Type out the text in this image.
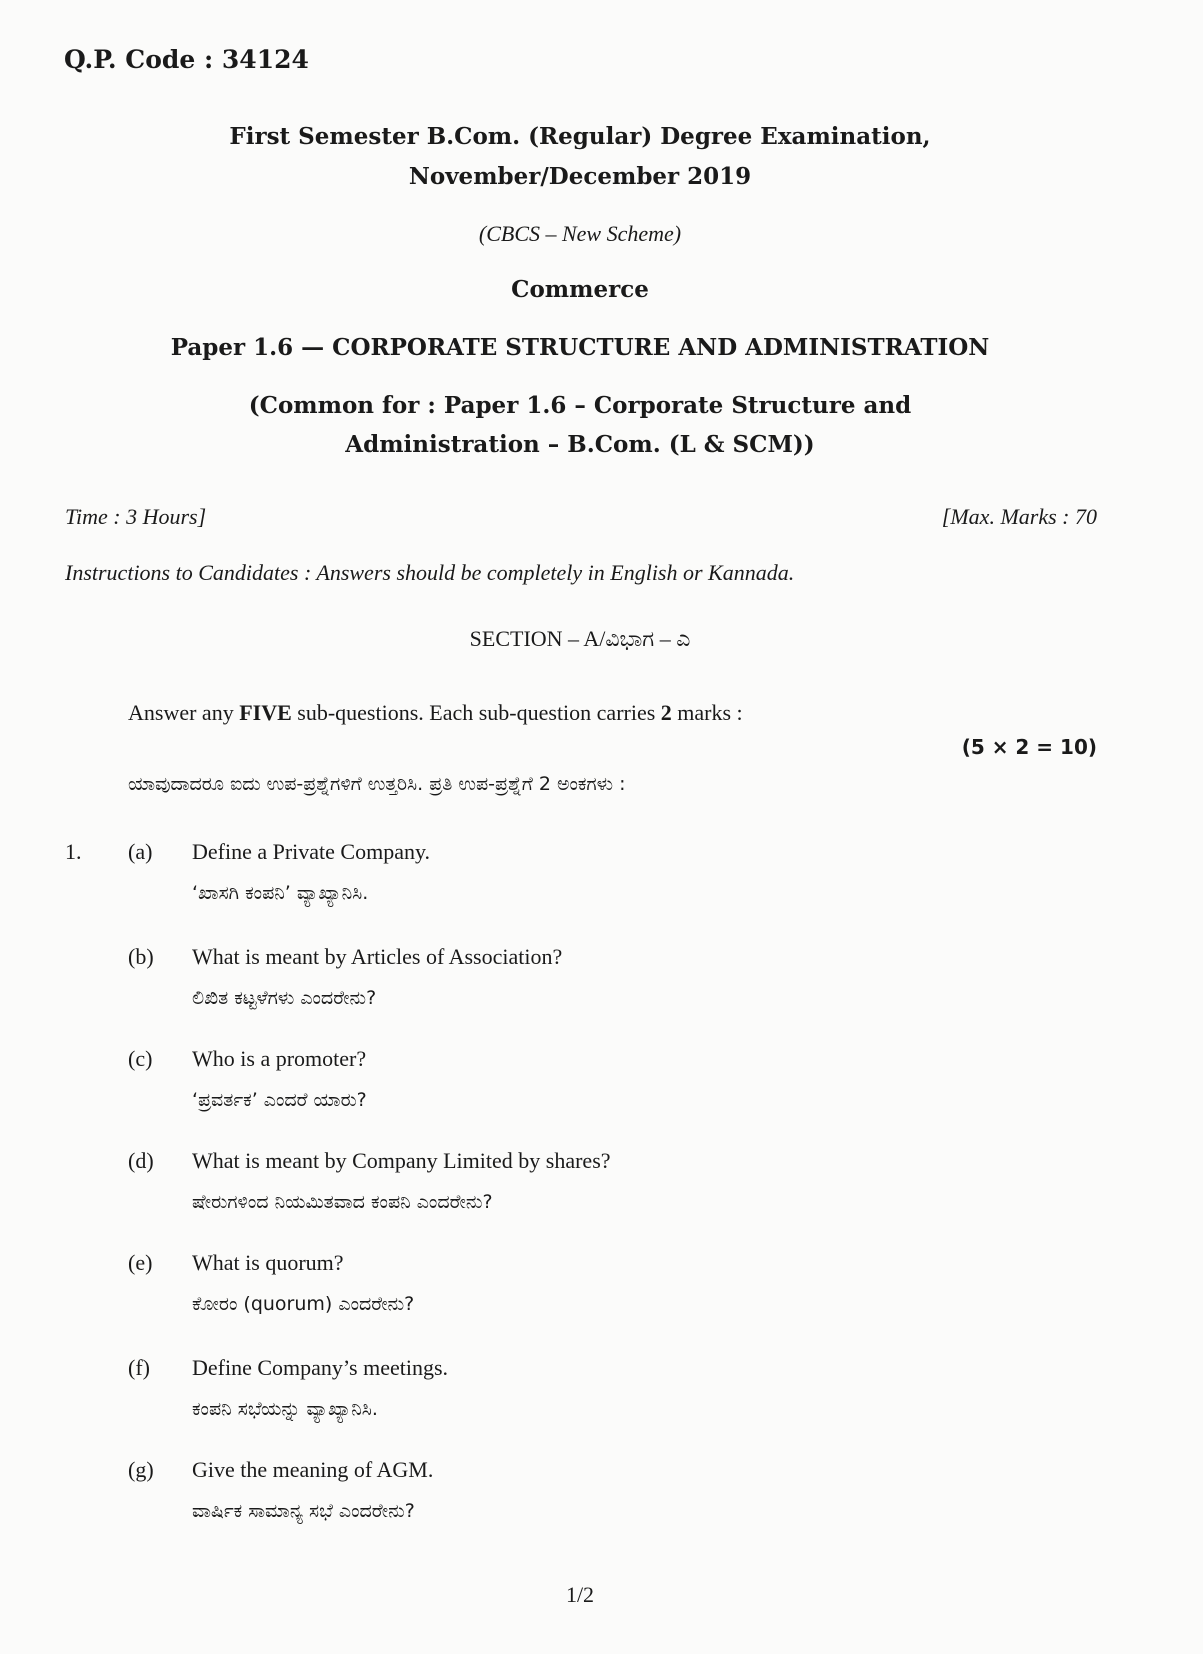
Q.P. Code : 34124
First Semester B.Com. (Regular) Degree Examination,
November/December 2019
(CBCS – New Scheme)
Commerce
Paper 1.6 — CORPORATE STRUCTURE AND ADMINISTRATION
(Common for : Paper 1.6 – Corporate Structure and
Administration – B.Com. (L & SCM))
Time : 3 Hours]	[Max. Marks : 70
Instructions to Candidates : Answers should be completely in English or Kannada.
SECTION – A/ವಿಭಾಗ – ಎ
Answer any FIVE sub-questions. Each sub-question carries 2 marks :
(5 × 2 = 10)
ಯಾವುದಾದರೂ ಐದು ಉಪ-ಪ್ರಶ್ನೆಗಳಿಗೆ ಉತ್ತರಿಸಿ. ಪ್ರತಿ ಉಪ-ಪ್ರಶ್ನೆಗೆ 2 ಅಂಕಗಳು :
1. (a) Define a Private Company.
‘ಖಾಸಗಿ ಕಂಪನಿ’ ವ್ಯಾಖ್ಯಾನಿಸಿ.
(b) What is meant by Articles of Association?
ಲಿಖಿತ ಕಟ್ಟಳೆಗಳು ಎಂದರೇನು?
(c) Who is a promoter?
‘ಪ್ರವರ್ತಕ’ ಎಂದರೆ ಯಾರು?
(d) What is meant by Company Limited by shares?
ಷೇರುಗಳಿಂದ ನಿಯಮಿತವಾದ ಕಂಪನಿ ಎಂದರೇನು?
(e) What is quorum?
ಕೋರಂ (quorum) ಎಂದರೇನು?
(f) Define Company’s meetings.
ಕಂಪನಿ ಸಭೆಯನ್ನು ವ್ಯಾಖ್ಯಾನಿಸಿ.
(g) Give the meaning of AGM.
ವಾರ್ಷಿಕ ಸಾಮಾನ್ಯ ಸಭೆ ಎಂದರೇನು?
1/2
